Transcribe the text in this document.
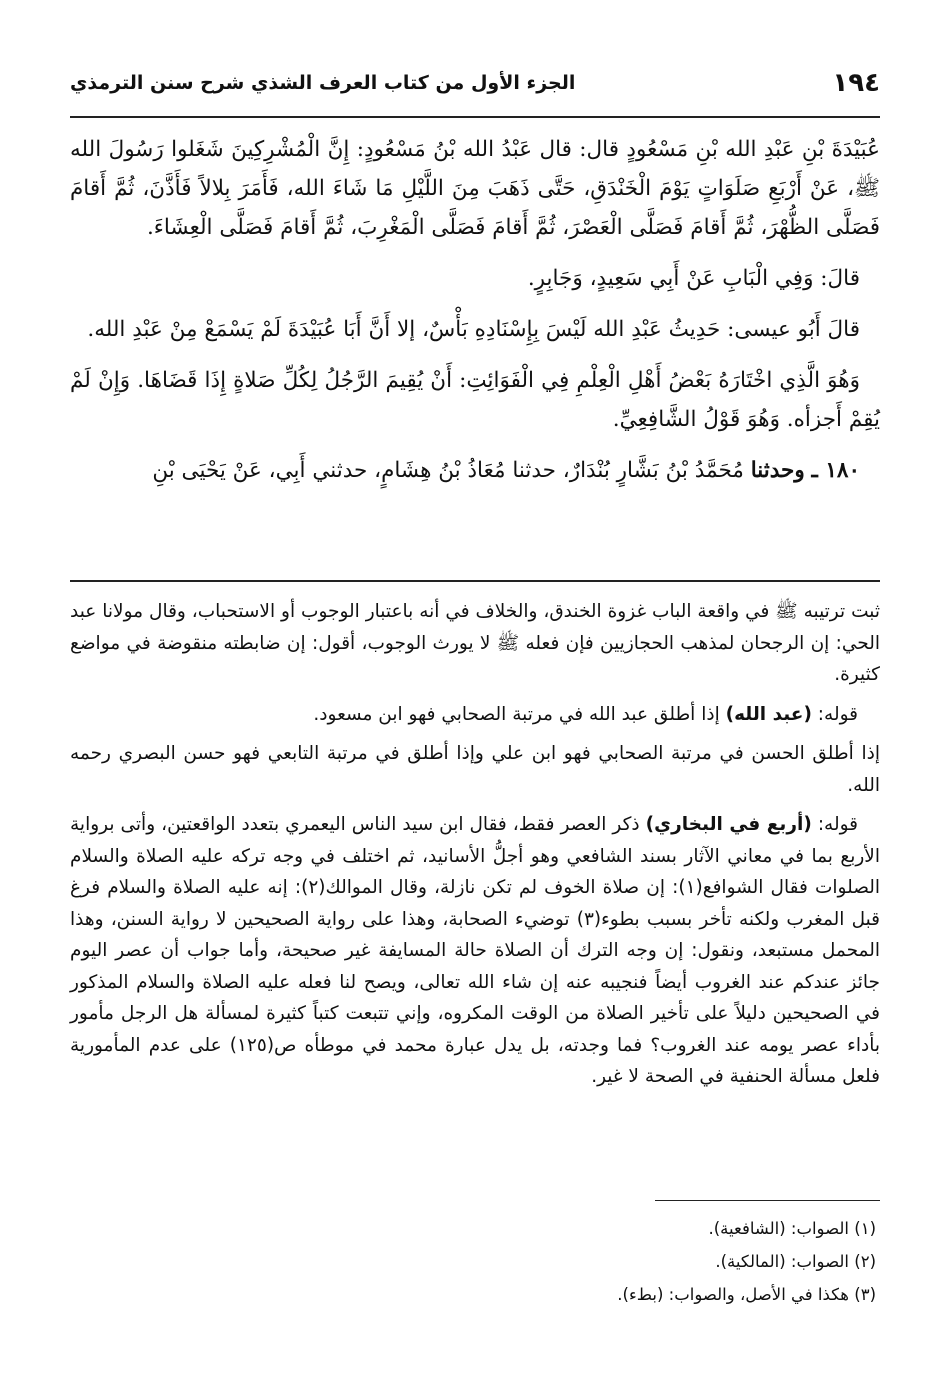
١٩٤
الجزء الأول من كتاب العرف الشذي شرح سنن الترمذي

عُبَيْدَةَ بْنِ عَبْدِ الله بْنِ مَسْعُودٍ قال: قال عَبْدُ الله بْنُ مَسْعُودٍ: إِنَّ الْمُشْرِكِينَ شَغَلوا رَسُولَ الله ﷺ، عَنْ أَرْبَعِ صَلَوَاتٍ يَوْمَ الْخَنْدَقِ، حَتَّى ذَهَبَ مِنَ اللَّيْلِ مَا شَاءَ الله، فَأَمَرَ بِلالاً فَأَذَّنَ، ثُمَّ أَقامَ فَصَلَّى الظُّهْرَ، ثُمَّ أَقامَ فَصَلَّى الْعَصْرَ، ثُمَّ أَقامَ فَصَلَّى الْمَغْرِبَ، ثُمَّ أَقامَ فَصَلَّى الْعِشَاءَ.

قالَ: وَفِي الْبَابِ عَنْ أَبِي سَعِيدٍ، وَجَابِرٍ.

قالَ أَبُو عيسى: حَدِيثُ عَبْدِ الله لَيْسَ بِإِسْنَادِهِ بَأْسٌ، إلا أَنَّ أَبَا عُبَيْدَةَ لَمْ يَسْمَعْ مِنْ عَبْدِ الله.

وَهُوَ الَّذِي اخْتَارَهُ بَعْضُ أَهْلِ الْعِلْمِ فِي الْفَوَائِتِ: أَنْ يُقِيمَ الرَّجُلُ لِكُلِّ صَلاةٍ إِذَا قَضَاهَا. وَإِنْ لَمْ يُقِمْ أَجزأه. وَهُوَ قَوْلُ الشَّافِعِيِّ.

١٨٠ ـ وحدثنا مُحَمَّدُ بْنُ بَشَّارٍ بُنْدَارٌ، حدثنا مُعَاذُ بْنُ هِشَامٍ، حدثني أَبِي، عَنْ يَحْيَى بْنِ

ثبت ترتيبه ﷺ في واقعة الباب غزوة الخندق، والخلاف في أنه باعتبار الوجوب أو الاستحباب، وقال مولانا عبد الحي: إن الرجحان لمذهب الحجازيين فإن فعله ﷺ لا يورث الوجوب، أقول: إن ضابطته منقوضة في مواضع كثيرة.

قوله: (عبد الله) إذا أطلق عبد الله في مرتبة الصحابي فهو ابن مسعود.

إذا أطلق الحسن في مرتبة الصحابي فهو ابن علي وإذا أطلق في مرتبة التابعي فهو حسن البصري رحمه الله.

قوله: (أربع في البخاري) ذكر العصر فقط، فقال ابن سيد الناس اليعمري بتعدد الواقعتين، وأتى برواية الأربع بما في معاني الآثار بسند الشافعي وهو أجلُّ الأسانيد، ثم اختلف في وجه تركه عليه الصلاة والسلام الصلوات فقال الشوافع(١): إن صلاة الخوف لم تكن نازلة، وقال الموالك(٢): إنه عليه الصلاة والسلام فرغ قبل المغرب ولكنه تأخر بسبب بطوء(٣) توضيء الصحابة، وهذا على رواية الصحيحين لا رواية السنن، وهذا المحمل مستبعد، ونقول: إن وجه الترك أن الصلاة حالة المسايفة غير صحيحة، وأما جواب أن عصر اليوم جائز عندكم عند الغروب أيضاً فنجيبه عنه إن شاء الله تعالى، ويصح لنا فعله عليه الصلاة والسلام المذكور في الصحيحين دليلاً على تأخير الصلاة من الوقت المكروه، وإني تتبعت كتباً كثيرة لمسألة هل الرجل مأمور بأداء عصر يومه عند الغروب؟ فما وجدته، بل يدل عبارة محمد في موطأه ص(١٢٥) على عدم المأمورية فلعل مسألة الحنفية في الصحة لا غير.

(١) الصواب: (الشافعية).
(٢) الصواب: (المالكية).
(٣) هكذا في الأصل، والصواب: (بطء).
